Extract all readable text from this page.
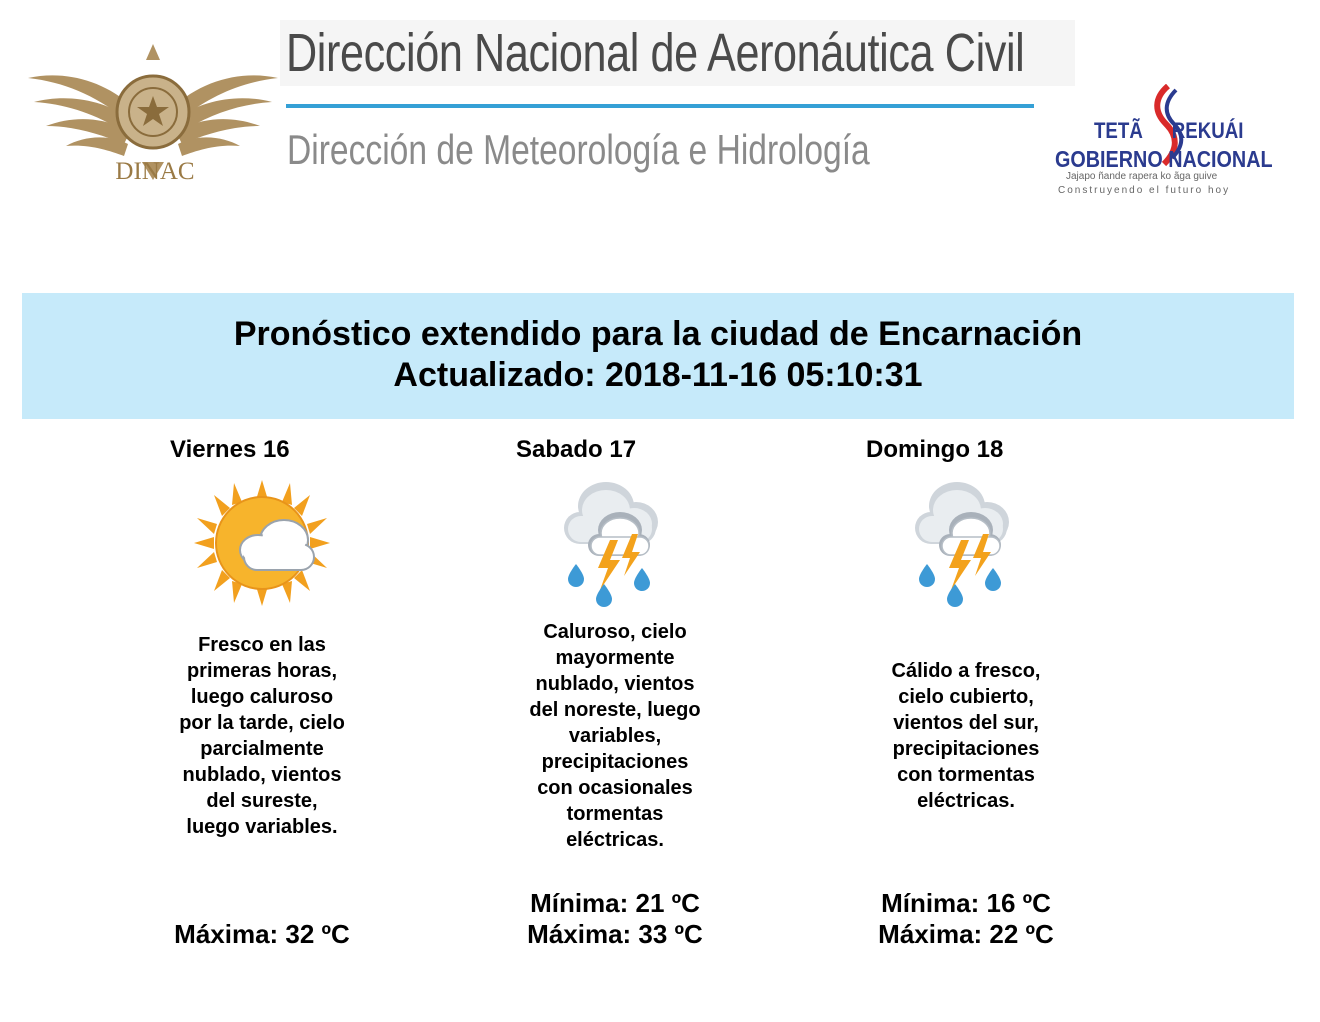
DINAC
Dirección Nacional de Aeronáutica Civil
Dirección de Meteorología e Hidrología	TETÃ REKUÁI
GOBIERNO NACIONAL
Jajapo ñande rapera ko ãga guive
Construyendo el futuro hoy
Pronóstico extendido para la ciudad de Encarnación
Actualizado: 2018-11-16 05:10:31
Viernes 16
Fresco en las
primeras horas,
luego caluroso
por la tarde, cielo
parcialmente
nublado, vientos
del sureste,
luego variables.
Máxima: 32 ºC
Sabado 17
Caluroso, cielo
mayormente
nublado, vientos
del noreste, luego
variables,
precipitaciones
con ocasionales
tormentas
eléctricas.
Mínima: 21 ºC
Máxima: 33 ºC
Domingo 18
Cálido a fresco,
cielo cubierto,
vientos del sur,
precipitaciones
con tormentas
eléctricas.
Mínima: 16 ºC
Máxima: 22 ºC
